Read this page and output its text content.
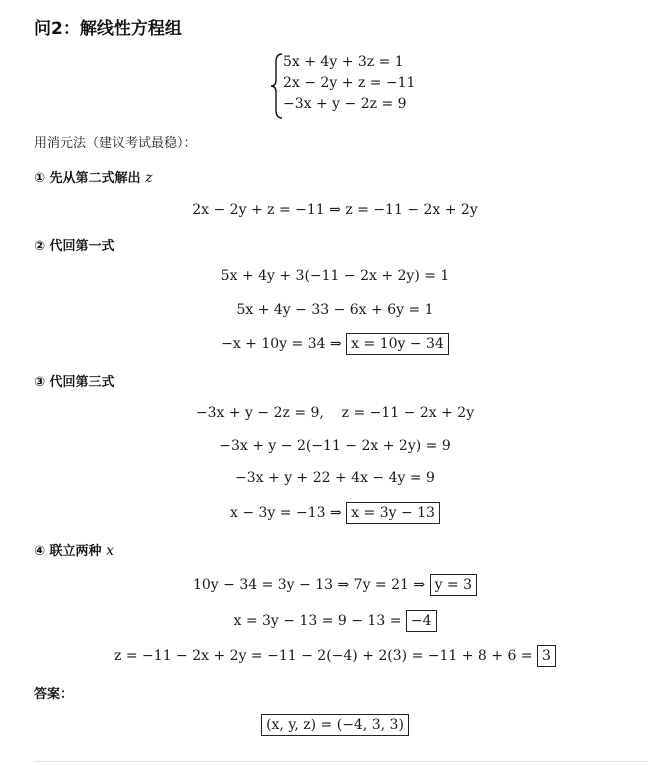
问2：解线性方程组
5x + 4y + 3z = 1
2x − 2y + z = −11
−3x + y − 2z = 9
用消元法（建议考试最稳）：
① 先从第二式解出 z
2x − 2y + z = −11 ⇒ z = −11 − 2x + 2y
② 代回第一式
5x + 4y + 3(−11 − 2x + 2y) = 1
5x + 4y − 33 − 6x + 6y = 1
−x + 10y = 34 ⇒ x = 10y − 34
③ 代回第三式
−3x + y − 2z = 9,    z = −11 − 2x + 2y
−3x + y − 2(−11 − 2x + 2y) = 9
−3x + y + 22 + 4x − 4y = 9
x − 3y = −13 ⇒ x = 3y − 13
④ 联立两种 x
10y − 34 = 3y − 13 ⇒ 7y = 21 ⇒ y = 3
x = 3y − 13 = 9 − 13 = −4
z = −11 − 2x + 2y = −11 − 2(−4) + 2(3) = −11 + 8 + 6 = 3
答案：
(x, y, z) = (−4, 3, 3)
